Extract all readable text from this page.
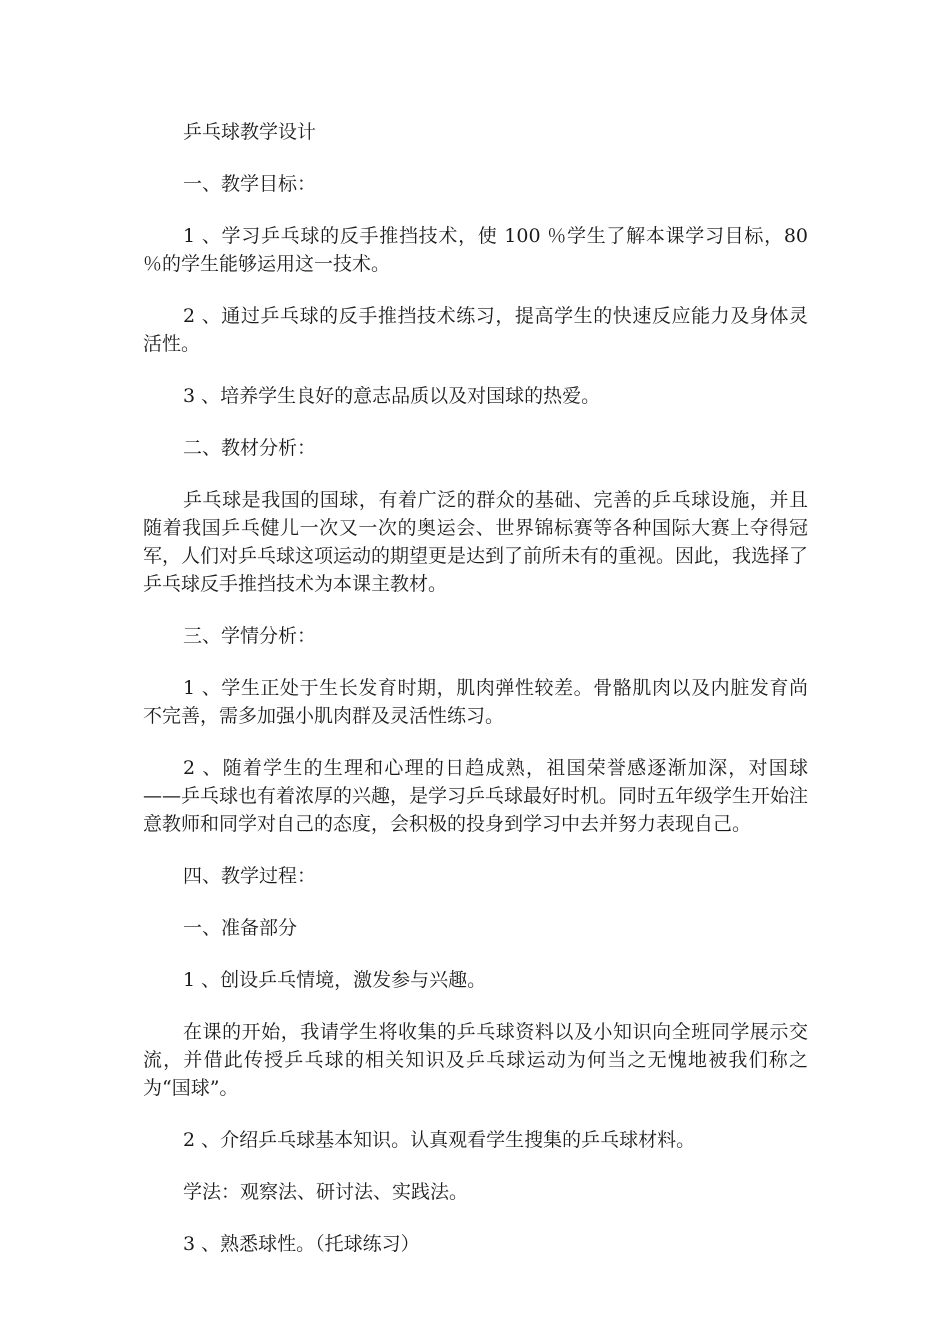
乒乓球教学设计

一、教学目标：

1 、学习乒乓球的反手推挡技术，使 100 ％学生了解本课学习目标，80 ％的学生能够运用这一技术。

2 、通过乒乓球的反手推挡技术练习，提高学生的快速反应能力及身体灵活性。

3 、培养学生良好的意志品质以及对国球的热爱。

二、教材分析：

乒乓球是我国的国球，有着广泛的群众的基础、完善的乒乓球设施，并且随着我国乒乓健儿一次又一次的奥运会、世界锦标赛等各种国际大赛上夺得冠军，人们对乒乓球这项运动的期望更是达到了前所未有的重视。因此，我选择了乒乓球反手推挡技术为本课主教材。

三、学情分析：

1 、学生正处于生长发育时期，肌肉弹性较差。骨骼肌肉以及内脏发育尚不完善，需多加强小肌肉群及灵活性练习。

2 、随着学生的生理和心理的日趋成熟，祖国荣誉感逐渐加深，对国球——乒乓球也有着浓厚的兴趣，是学习乒乓球最好时机。同时五年级学生开始注意教师和同学对自己的态度，会积极的投身到学习中去并努力表现自己。

四、教学过程：

一、准备部分

1 、创设乒乓情境，激发参与兴趣。

在课的开始，我请学生将收集的乒乓球资料以及小知识向全班同学展示交流，并借此传授乒乓球的相关知识及乒乓球运动为何当之无愧地被我们称之为“国球”。

2 、介绍乒乓球基本知识。认真观看学生搜集的乒乓球材料。

学法：观察法、研讨法、实践法。

3 、熟悉球性。（托球练习）
